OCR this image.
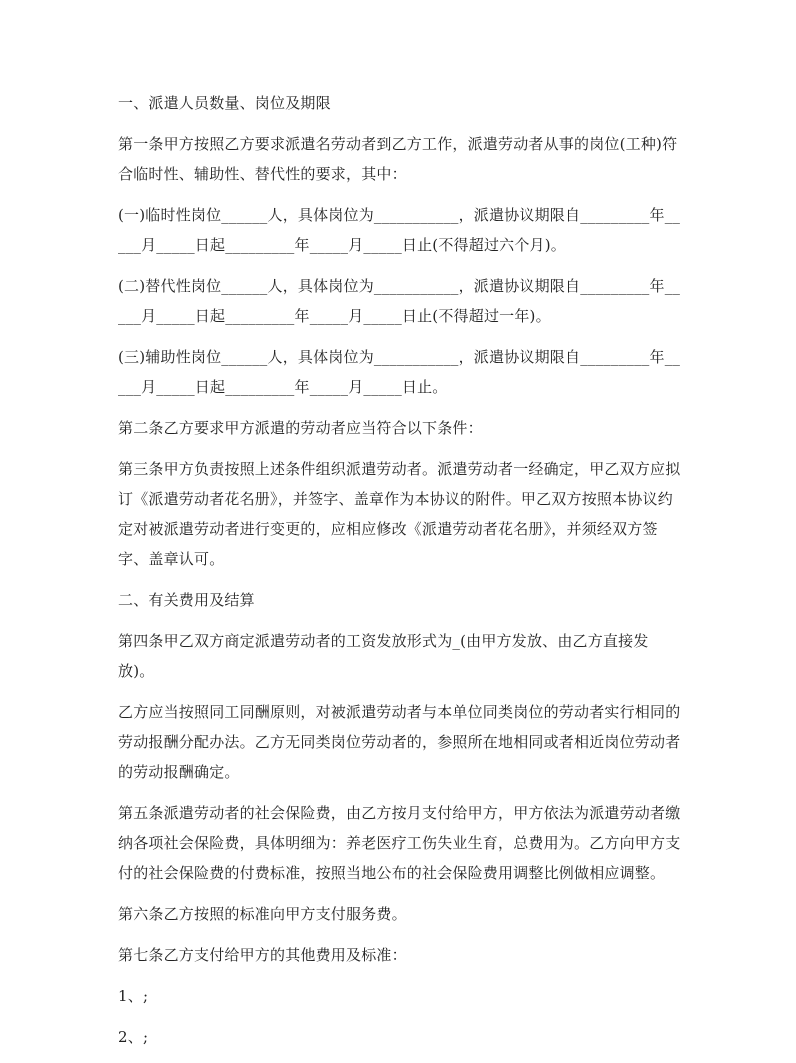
一、派遣人员数量、岗位及期限

第一条甲方按照乙方要求派遣名劳动者到乙方工作，派遣劳动者从事的岗位(工种)符合临时性、辅助性、替代性的要求，其中：

(一)临时性岗位______人，具体岗位为___________，派遣协议期限自_________年_____月_____日起_________年_____月_____日止(不得超过六个月)。

(二)替代性岗位______人，具体岗位为___________，派遣协议期限自_________年_____月_____日起_________年_____月_____日止(不得超过一年)。

(三)辅助性岗位______人，具体岗位为___________，派遣协议期限自_________年_____月_____日起_________年_____月_____日止。

第二条乙方要求甲方派遣的劳动者应当符合以下条件：

第三条甲方负责按照上述条件组织派遣劳动者。派遣劳动者一经确定，甲乙双方应拟订《派遣劳动者花名册》，并签字、盖章作为本协议的附件。甲乙双方按照本协议约定对被派遣劳动者进行变更的，应相应修改《派遣劳动者花名册》，并须经双方签字、盖章认可。

二、有关费用及结算

第四条甲乙双方商定派遣劳动者的工资发放形式为_(由甲方发放、由乙方直接发放)。

乙方应当按照同工同酬原则，对被派遣劳动者与本单位同类岗位的劳动者实行相同的劳动报酬分配办法。乙方无同类岗位劳动者的，参照所在地相同或者相近岗位劳动者的劳动报酬确定。

第五条派遣劳动者的社会保险费，由乙方按月支付给甲方，甲方依法为派遣劳动者缴纳各项社会保险费，具体明细为：养老医疗工伤失业生育，总费用为。乙方向甲方支付的社会保险费的付费标准，按照当地公布的社会保险费用调整比例做相应调整。

第六条乙方按照的标准向甲方支付服务费。

第七条乙方支付给甲方的其他费用及标准：

1、;

2、;
